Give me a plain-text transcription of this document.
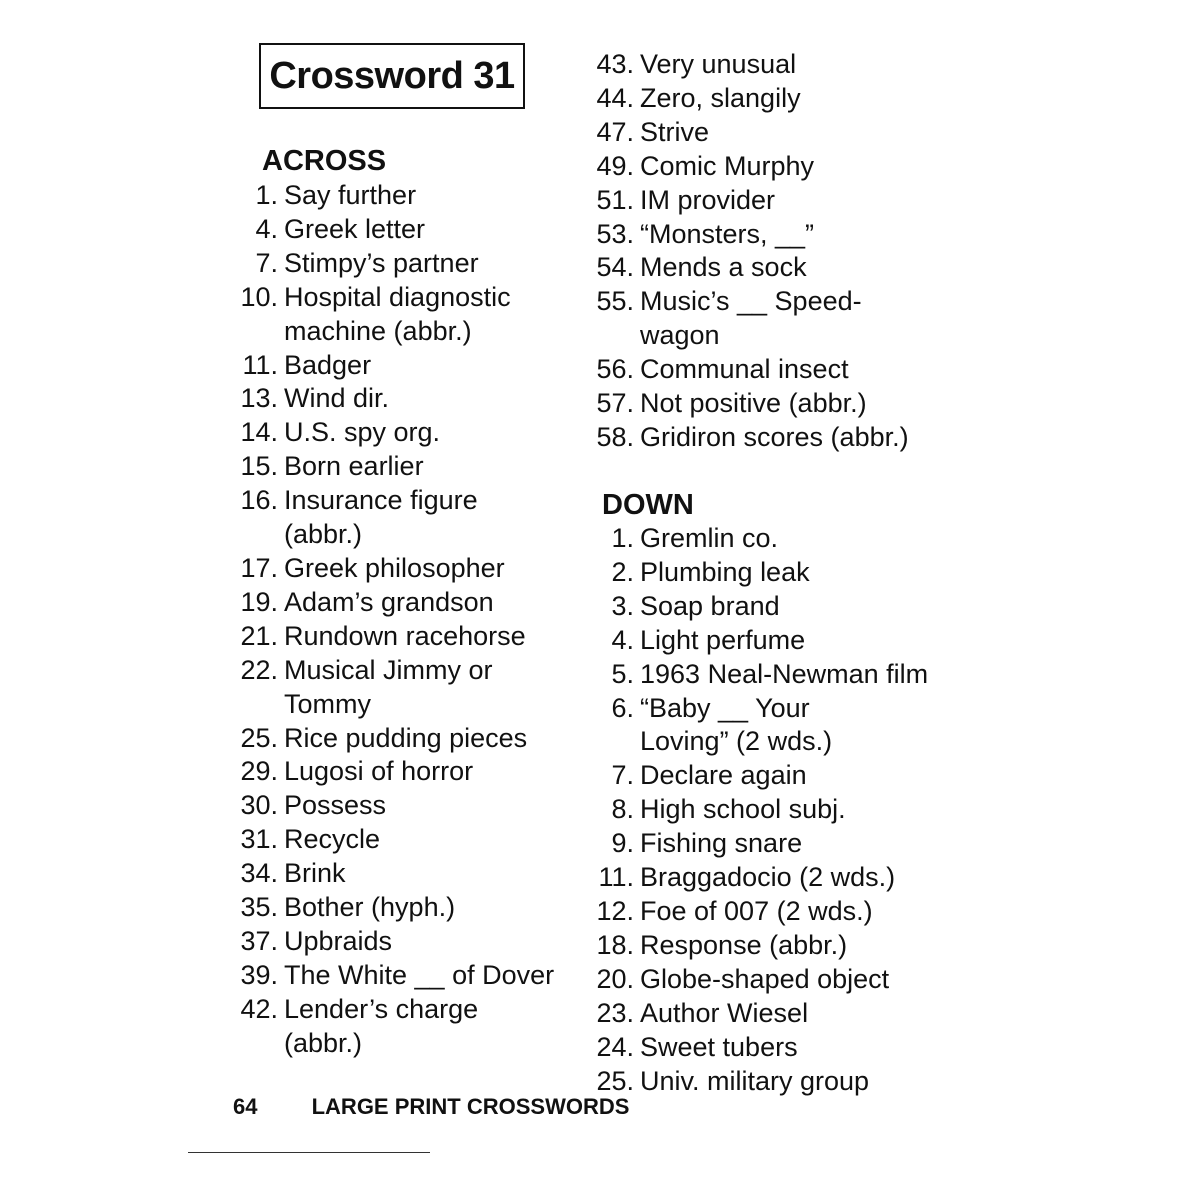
Crossword 31
ACROSS
1. Say further
4. Greek letter
7. Stimpy’s partner
10. Hospital diagnostic
machine (abbr.)
11. Badger
13. Wind dir.
14. U.S. spy org.
15. Born earlier
16. Insurance figure
(abbr.)
17. Greek philosopher
19. Adam’s grandson
21. Rundown racehorse
22. Musical Jimmy or
Tommy
25. Rice pudding pieces
29. Lugosi of horror
30. Possess
31. Recycle
34. Brink
35. Bother (hyph.)
37. Upbraids
39. The White __ of Dover
42. Lender’s charge
(abbr.)
43. Very unusual
44. Zero, slangily
47. Strive
49. Comic Murphy
51. IM provider
53. “Monsters, __”
54. Mends a sock
55. Music’s __ Speed-
wagon
56. Communal insect
57. Not positive (abbr.)
58. Gridiron scores (abbr.)
DOWN
1. Gremlin co.
2. Plumbing leak
3. Soap brand
4. Light perfume
5. 1963 Neal-Newman film
6. “Baby __ Your
Loving” (2 wds.)
7. Declare again
8. High school subj.
9. Fishing snare
11. Braggadocio (2 wds.)
12. Foe of 007 (2 wds.)
18. Response (abbr.)
20. Globe-shaped object
23. Author Wiesel
24. Sweet tubers
25. Univ. military group
64 LARGE PRINT CROSSWORDS
